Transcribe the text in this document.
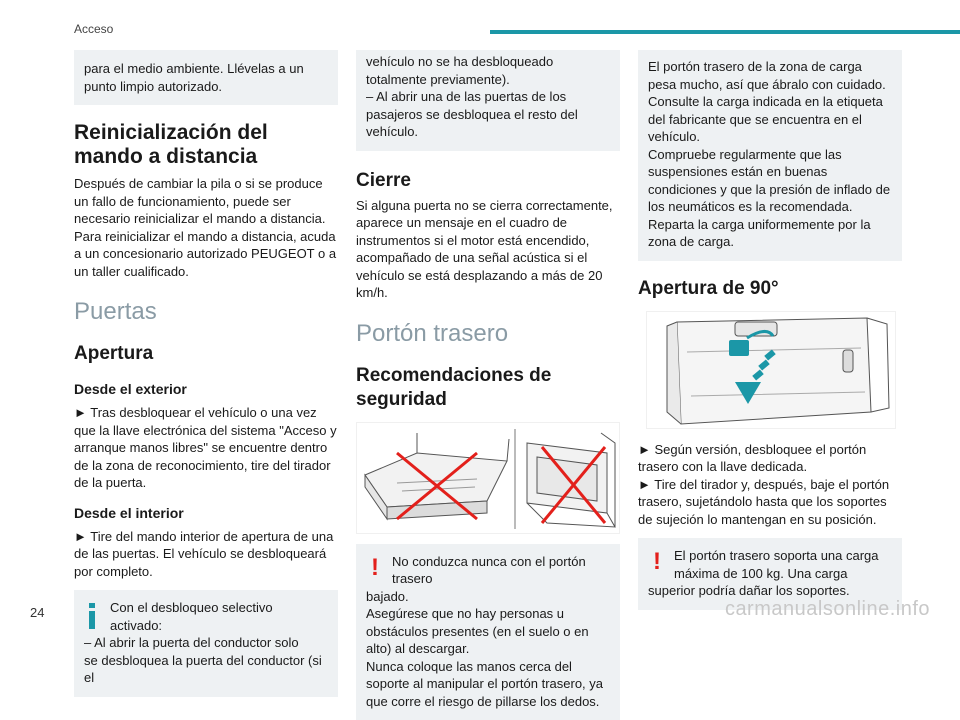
Acceso
para el medio ambiente. Llévelas a un punto limpio autorizado.
Reinicialización del mando a distancia
Después de cambiar la pila o si se produce un fallo de funcionamiento, puede ser necesario reinicializar el mando a distancia.
Para reinicializar el mando a distancia, acuda a un concesionario autorizado PEUGEOT o a un taller cualificado.
Puertas
Apertura
Desde el exterior
► Tras desbloquear el vehículo o una vez que la llave electrónica del sistema "Acceso y arranque manos libres" se encuentre dentro de la zona de reconocimiento, tire del tirador de la puerta.
Desde el interior
► Tire del mando interior de apertura de una de las puertas. El vehículo se desbloqueará por completo.
Con el desbloqueo selectivo activado:
– Al abrir la puerta del conductor solo
se desbloquea la puerta del conductor (si el
vehículo no se ha desbloqueado totalmente previamente).
– Al abrir una de las puertas de los pasajeros se desbloquea el resto del vehículo.
Cierre
Si alguna puerta no se cierra correctamente, aparece un mensaje en el cuadro de instrumentos si el motor está encendido, acompañado de una señal acústica si el vehículo se está desplazando a más de 20 km/h.
Portón trasero
Recomendaciones de seguridad
!	No conduzca nunca con el portón trasero
bajado.
Asegúrese que no hay personas u obstáculos presentes (en el suelo o en alto) al descargar.
Nunca coloque las manos cerca del soporte al manipular el portón trasero, ya que corre el riesgo de pillarse los dedos.
El portón trasero de la zona de carga pesa mucho, así que ábralo con cuidado.
Consulte la carga indicada en la etiqueta del fabricante que se encuentra en el vehículo.
Compruebe regularmente que las suspensiones están en buenas condiciones y que la presión de inflado de los neumáticos es la recomendada.
Reparta la carga uniformemente por la zona de carga.
Apertura de 90°
► Según versión, desbloquee el portón trasero con la llave dedicada.
► Tire del tirador y, después, baje el portón trasero, sujetándolo hasta que los soportes de sujeción lo mantengan en su posición.
!	El portón trasero soporta una carga
máxima de 100 kg. Una carga superior podría dañar los soportes.
24	carmanualsonline.info
